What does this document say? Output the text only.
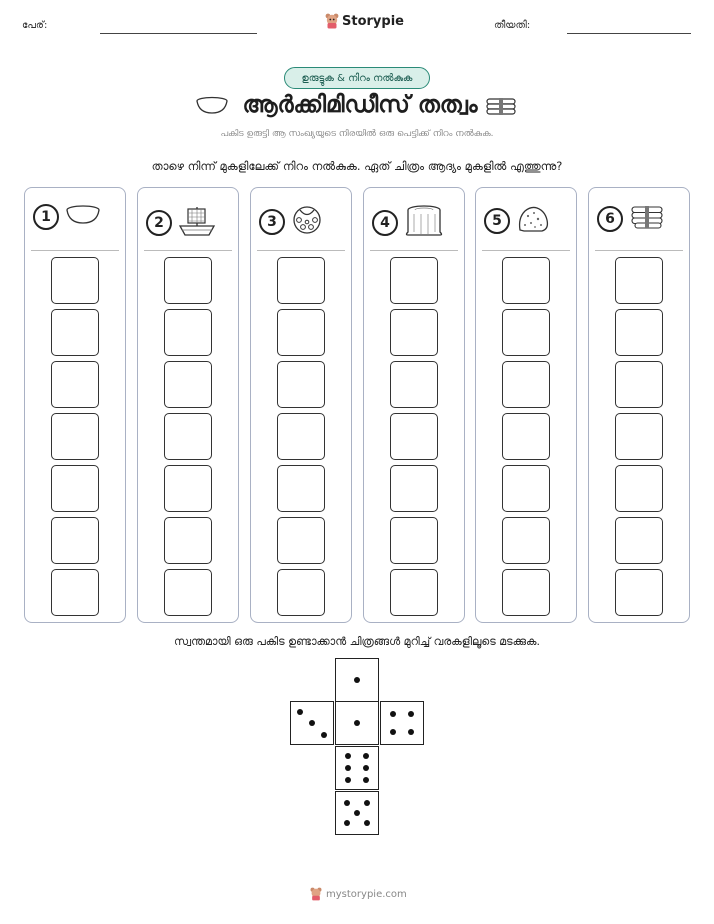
പേര്:	Storypie	തീയതി:
ഉരുട്ടുക & നിറം നൽകുക
ആർക്കിമിഡീസ് തത്വം
പകിട ഉരുട്ടി ആ സംഖ്യയുടെ നിരയിൽ ഒരു പെട്ടിക്ക് നിറം നൽകുക.
താഴെ നിന്ന് മുകളിലേക്ക് നിറം നൽകുക. ഏത് ചിത്രം ആദ്യം മുകളിൽ എത്തുന്നു?
1	2	3	4	5	6
സ്വന്തമായി ഒരു പകിട ഉണ്ടാക്കാൻ ചിത്രങ്ങൾ മുറിച്ച് വരകളിലൂടെ മടക്കുക.
mystorypie.com
